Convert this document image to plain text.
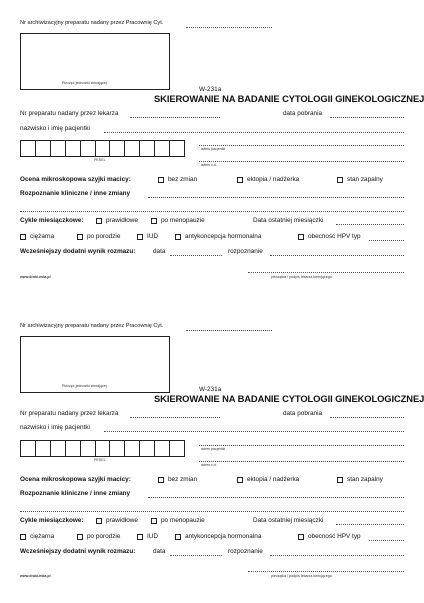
Nr archiwizacyjny preparatu nadany przez Pracownię Cyt.
Pieczęć jednostki zlecającej
W-231a
SKIEROWANIE NA BADANIE CYTOLOGII GINEKOLOGICZNEJ
Nr preparatu nadany przez lekarza	data pobrania
nazwisko i imię pacjentki
PESEL
adres pacjentki
adres c.d.
Ocena mikroskopowa szyjki macicy:	bez zmian	ektopia / nadżerka	stan zapalny
Rozpoznanie kliniczne / inne zmiany
Cykle miesiączkowe:	prawidłowe	po menopauzie	Data ostatniej miesiączki
ciężarna	po porodzie	IUD	antykoncepcja hormonalna	obecność HPV typ
Wcześniejszy dodatni wynik rozmazu:	data	rozpoznanie
pieczątka / podpis lekarza kierującego
www.druki-mila.pl
Nr archiwizacyjny preparatu nadany przez Pracownię Cyt.
Pieczęć jednostki zlecającej	W-231a
SKIEROWANIE NA BADANIE CYTOLOGII GINEKOLOGICZNEJ
Nr preparatu nadany przez lekarza	data pobrania
nazwisko i imię pacjentki
PESEL
adres pacjentki
adres c.d.
Ocena mikroskopowa szyjki macicy:	bez zmian	ektopia / nadżerka	stan zapalny
Rozpoznanie kliniczne / inne zmiany
Cykle miesiączkowe:	prawidłowe	po menopauzie	Data ostatniej miesiączki
ciężarna	po porodzie	IUD	antykoncepcja hormonalna	obecność HPV typ
Wcześniejszy dodatni wynik rozmazu:	data	rozpoznanie
pieczątka / podpis lekarza kierującego
www.druki-mila.pl
